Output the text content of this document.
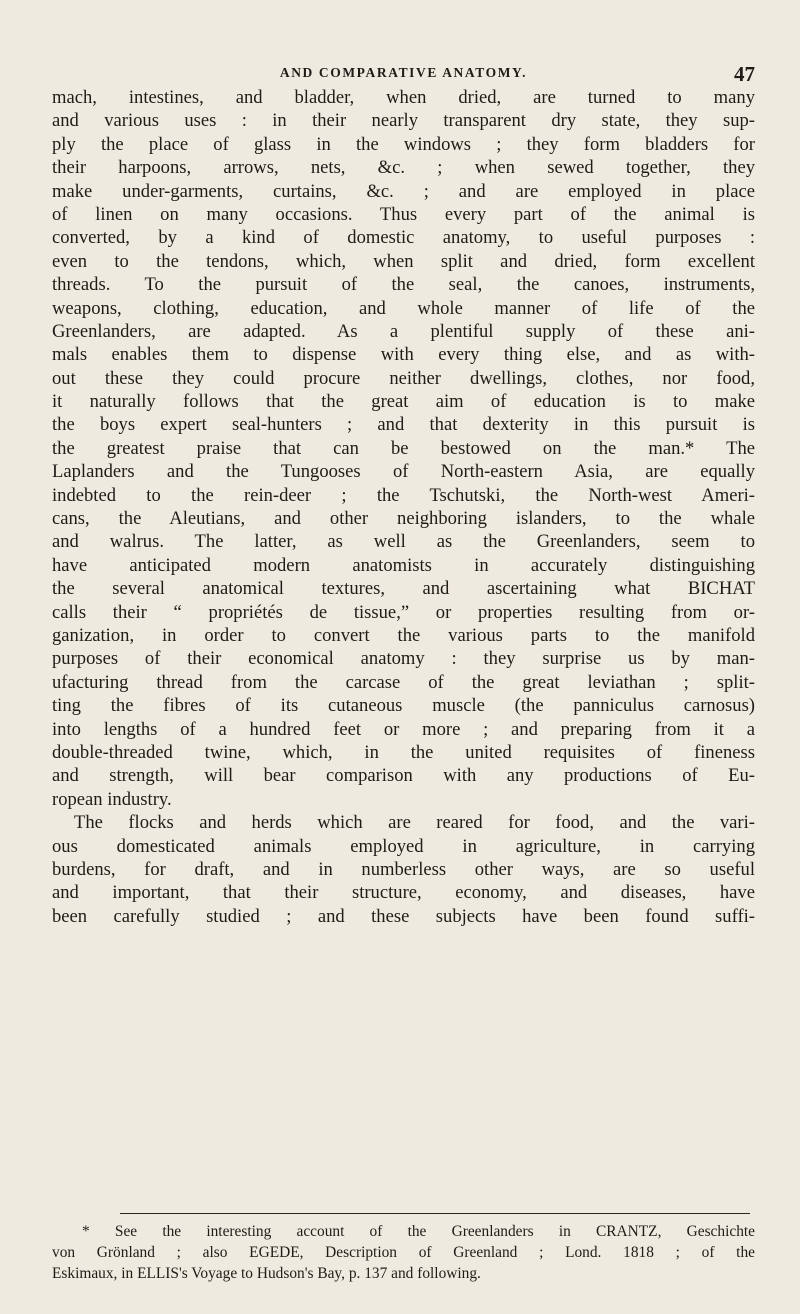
AND COMPARATIVE ANATOMY.	47
mach, intestines, and bladder, when dried, are turned to many
and various uses : in their nearly transparent dry state, they sup-
ply the place of glass in the windows ; they form bladders for
their harpoons, arrows, nets, &c. ; when sewed together, they
make under-garments, curtains, &c. ; and are employed in place
of linen on many occasions. Thus every part of the animal is
converted, by a kind of domestic anatomy, to useful purposes :
even to the tendons, which, when split and dried, form excellent
threads. To the pursuit of the seal, the canoes, instruments,
weapons, clothing, education, and whole manner of life of the
Greenlanders, are adapted. As a plentiful supply of these ani-
mals enables them to dispense with every thing else, and as with-
out these they could procure neither dwellings, clothes, nor food,
it naturally follows that the great aim of education is to make
the boys expert seal-hunters ; and that dexterity in this pursuit is
the greatest praise that can be bestowed on the man.* The
Laplanders and the Tungooses of North-eastern Asia, are equally
indebted to the rein-deer ; the Tschutski, the North-west Ameri-
cans, the Aleutians, and other neighboring islanders, to the whale
and walrus. The latter, as well as the Greenlanders, seem to
have anticipated modern anatomists in accurately distinguishing
the several anatomical textures, and ascertaining what BICHAT
calls their “ propriétés de tissue,” or properties resulting from or-
ganization, in order to convert the various parts to the manifold
purposes of their economical anatomy : they surprise us by man-
ufacturing thread from the carcase of the great leviathan ; split-
ting the fibres of its cutaneous muscle (the panniculus carnosus)
into lengths of a hundred feet or more ; and preparing from it a
double-threaded twine, which, in the united requisites of fineness
and strength, will bear comparison with any productions of Eu-
ropean industry.
The flocks and herds which are reared for food, and the vari-
ous domesticated animals employed in agriculture, in carrying
burdens, for draft, and in numberless other ways, are so useful
and important, that their structure, economy, and diseases, have
been carefully studied ; and these subjects have been found suffi-
* See the interesting account of the Greenlanders in CRANTZ, Geschichte
von Grönland ; also EGEDE, Description of Greenland ; Lond. 1818 ; of the
Eskimaux, in ELLIS's Voyage to Hudson's Bay, p. 137 and following.
